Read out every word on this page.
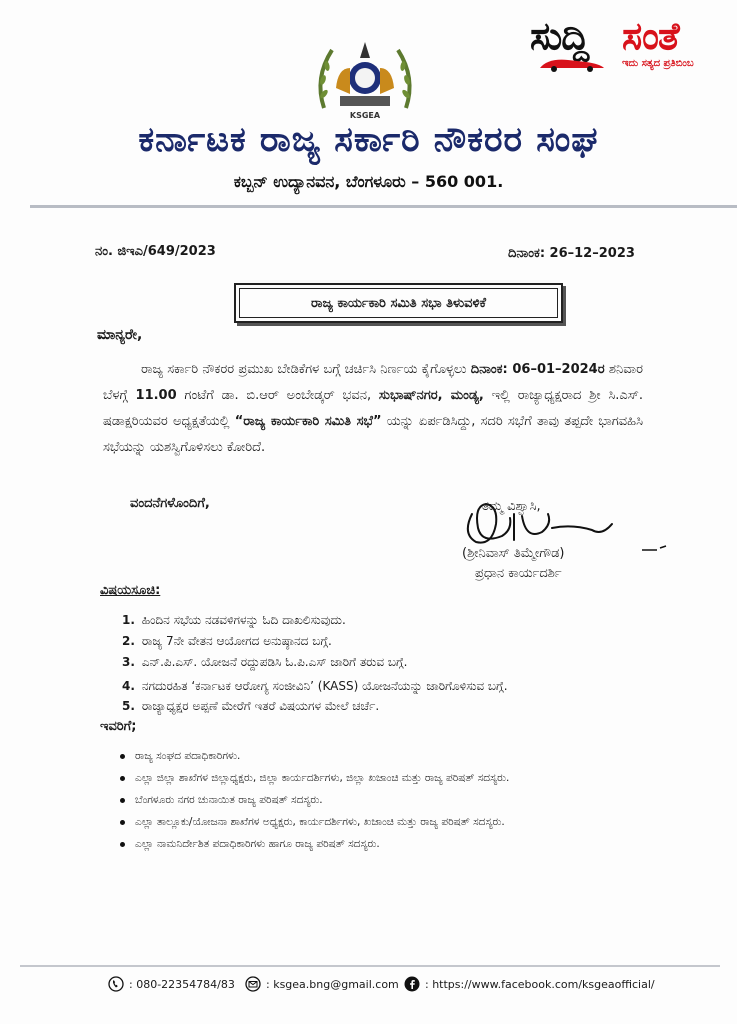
ಸುದ್ದಿ ಸಂತೆ
ಇದು ಸತ್ಯದ ಪ್ರತಿಬಿಂಬ
KSGEA
ಕರ್ನಾಟಕ ರಾಜ್ಯ ಸರ್ಕಾರಿ ನೌಕರರ ಸಂಘ
ಕಬ್ಬನ್ ಉದ್ಯಾನವನ, ಬೆಂಗಳೂರು – 560 001.
ನಂ. ಜಿಇಎ/649/2023	ದಿನಾಂಕ: 26–12–2023
ರಾಜ್ಯ ಕಾರ್ಯಕಾರಿ ಸಮಿತಿ ಸಭಾ ತಿಳುವಳಿಕೆ
ಮಾನ್ಯರೇ,
ರಾಜ್ಯ ಸರ್ಕಾರಿ ನೌಕರರ ಪ್ರಮುಖ ಬೇಡಿಕೆಗಳ ಬಗ್ಗೆ ಚರ್ಚಿಸಿ ನಿರ್ಣಯ ಕೈಗೊಳ್ಳಲು ದಿನಾಂಕ: 06–01–2024ರ ಶನಿವಾರ ಬೆಳಗ್ಗೆ 11.00 ಗಂಟೆಗೆ ಡಾ. ಬಿ.ಆರ್ ಅಂಬೇಡ್ಕರ್ ಭವನ, ಸುಭಾಷ್‌ನಗರ, ಮಂಡ್ಯ, ಇಲ್ಲಿ ರಾಜ್ಯಾಧ್ಯಕ್ಷರಾದ ಶ್ರೀ ಸಿ.ಎಸ್. ಷಡಾಕ್ಷರಿಯವರ ಅಧ್ಯಕ್ಷತೆಯಲ್ಲಿ “ರಾಜ್ಯ ಕಾರ್ಯಕಾರಿ ಸಮಿತಿ ಸಭೆ” ಯನ್ನು ಏರ್ಪಡಿಸಿದ್ದು, ಸದರಿ ಸಭೆಗೆ ತಾವು ತಪ್ಪದೇ ಭಾಗವಹಿಸಿ ಸಭೆಯನ್ನು ಯಶಸ್ವಿಗೊಳಿಸಲು ಕೋರಿದೆ.
ವಂದನೆಗಳೊಂದಿಗೆ,	ತಮ್ಮ ವಿಶ್ವಾಸಿ,
(ಶ್ರೀನಿವಾಸ್ ತಿಮ್ಮೇಗೌಡ)
ಪ್ರಧಾನ ಕಾರ್ಯದರ್ಶಿ
ವಿಷಯಸೂಚಿ:
1. ಹಿಂದಿನ ಸಭೆಯ ನಡವಳಿಗಳನ್ನು ಓದಿ ದಾಖಲಿಸುವುದು.
2. ರಾಜ್ಯ 7ನೇ ವೇತನ ಆಯೋಗದ ಅನುಷ್ಠಾನದ ಬಗ್ಗೆ.
3. ಎನ್.ಪಿ.ಎಸ್. ಯೋಜನೆ ರದ್ದುಪಡಿಸಿ ಓ.ಪಿ.ಎಸ್ ಜಾರಿಗೆ ತರುವ ಬಗ್ಗೆ.
4. ನಗದುರಹಿತ ‘ಕರ್ನಾಟಕ ಆರೋಗ್ಯ ಸಂಜೀವಿನಿ’ (KASS) ಯೋಜನೆಯನ್ನು ಜಾರಿಗೊಳಿಸುವ ಬಗ್ಗೆ.
5. ರಾಜ್ಯಾಧ್ಯಕ್ಷರ ಅಪ್ಪಣೆ ಮೇರೆಗೆ ಇತರೆ ವಿಷಯಗಳ ಮೇಲೆ ಚರ್ಚೆ.
ಇವರಿಗೆ;
ರಾಜ್ಯ ಸಂಘದ ಪದಾಧಿಕಾರಿಗಳು.
ಎಲ್ಲಾ ಜಿಲ್ಲಾ ಶಾಖೆಗಳ ಜಿಲ್ಲಾಧ್ಯಕ್ಷರು, ಜಿಲ್ಲಾ ಕಾರ್ಯದರ್ಶಿಗಳು, ಜಿಲ್ಲಾ ಖಜಾಂಚಿ ಮತ್ತು ರಾಜ್ಯ ಪರಿಷತ್ ಸದಸ್ಯರು.
ಬೆಂಗಳೂರು ನಗರ ಚುನಾಯಿತ ರಾಜ್ಯ ಪರಿಷತ್ ಸದಸ್ಯರು.
ಎಲ್ಲಾ ತಾಲ್ಲೂಕು/ಯೋಜನಾ ಶಾಖೆಗಳ ಅಧ್ಯಕ್ಷರು, ಕಾರ್ಯದರ್ಶಿಗಳು, ಖಜಾಂಚಿ ಮತ್ತು ರಾಜ್ಯ ಪರಿಷತ್ ಸದಸ್ಯರು.
ಎಲ್ಲಾ ನಾಮನಿರ್ದೇಶಿತ ಪದಾಧಿಕಾರಿಗಳು ಹಾಗೂ ರಾಜ್ಯ ಪರಿಷತ್ ಸದಸ್ಯರು.
: 080-22354784/83	: ksgea.bng@gmail.com : https://www.facebook.com/ksgeaofficial/
